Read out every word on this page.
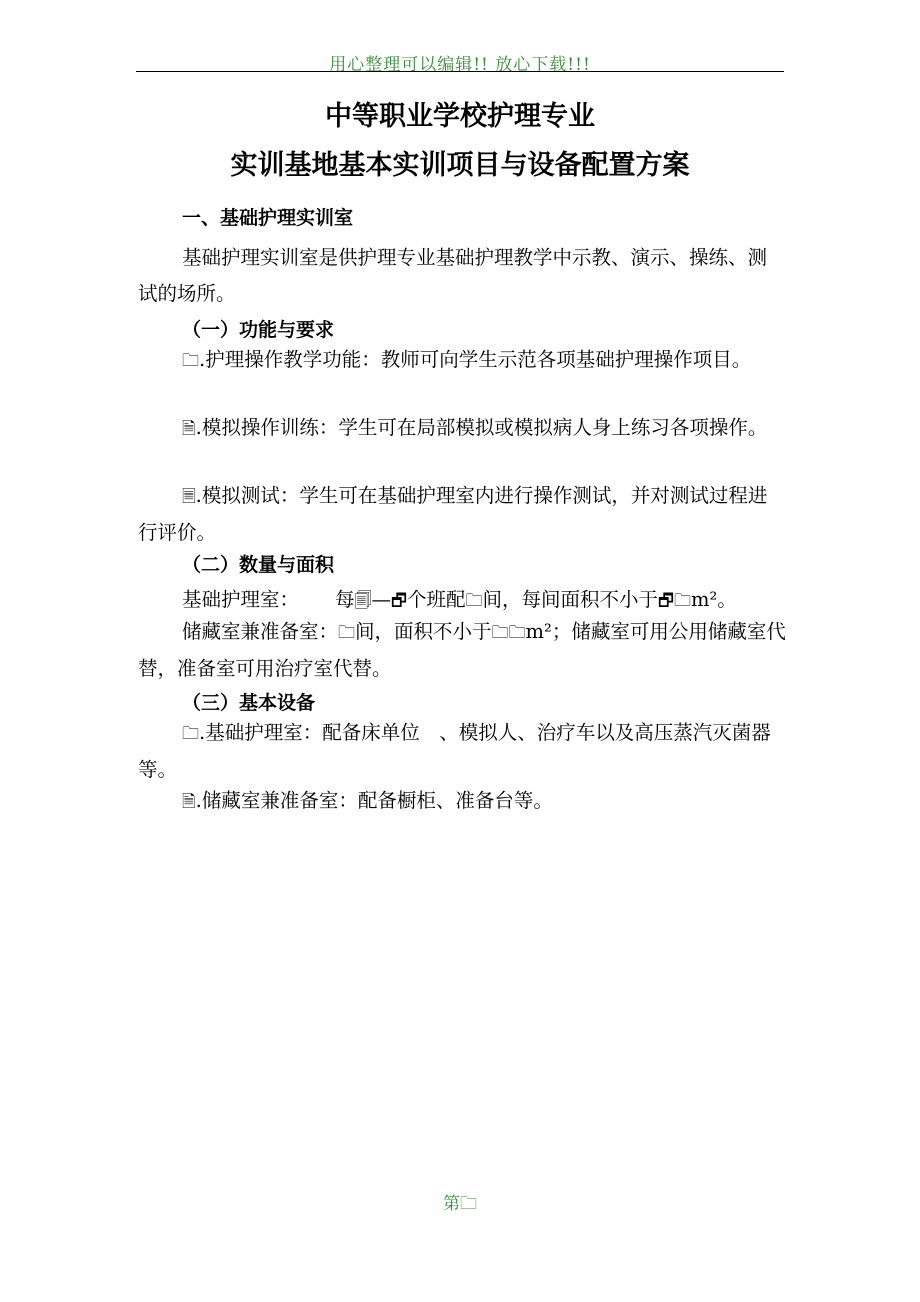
用心整理可以编辑!! 放心下载!!!
中等职业学校护理专业
实训基地基本实训项目与设备配置方案
一、基础护理实训室

基础护理实训室是供护理专业基础护理教学中示教、演示、操练、测试的场所。

（一）功能与要求

🗀.护理操作教学功能：教师可向学生示范各项基础护理操作项目。

🗎.模拟操作训练：学生可在局部模拟或模拟病人身上练习各项操作。

🗏.模拟测试：学生可在基础护理室内进行操作测试，并对测试过程进行评价。

（二）数量与面积
基础护理室： 每🗐—🗗个班配🗀间，每间面积不小于🗗🗀m²。

储藏室兼准备室：🗀间，面积不小于🗀🗀m²；储藏室可用公用储藏室代替，准备室可用治疗室代替。

（三）基本设备

🗀.基础护理室：配备床单位　、模拟人、治疗车以及高压蒸汽灭菌器等。

🗎.储藏室兼准备室：配备橱柜、准备台等。

第🗀
